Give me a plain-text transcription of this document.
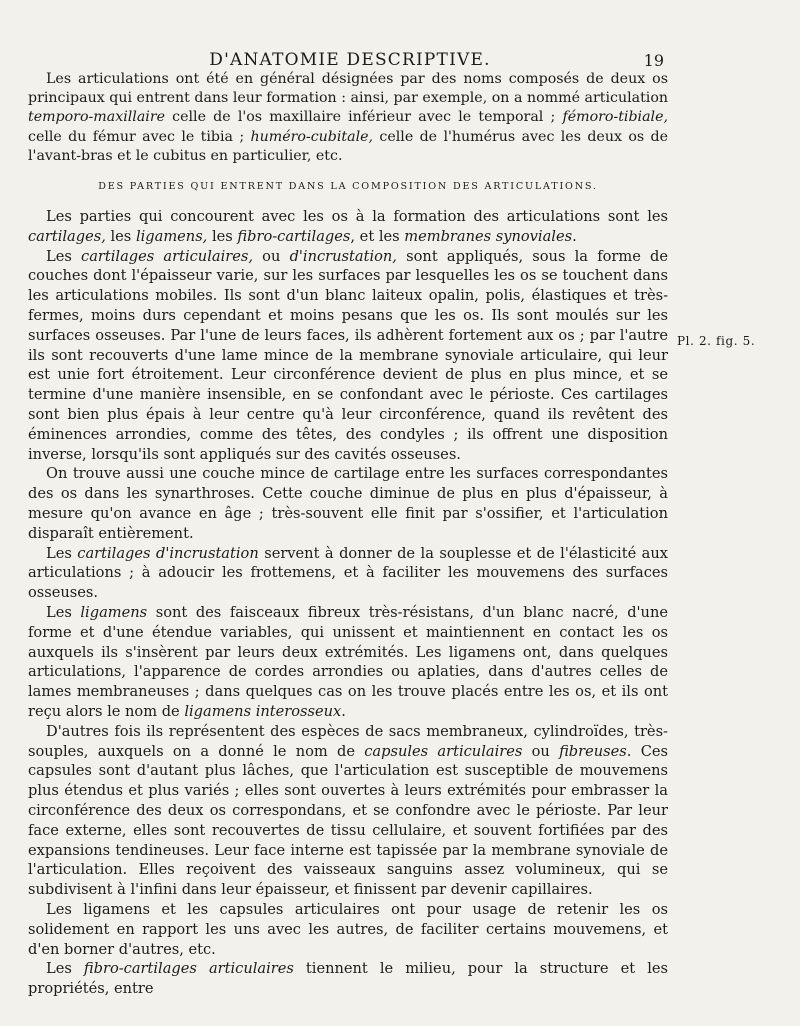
D'ANATOMIE DESCRIPTIVE.	19
Pl. 2. fig. 5.

Les articulations ont été en général désignées par des noms composés de deux os principaux qui entrent dans leur formation : ainsi, par exemple, on a nommé articulation temporo-maxillaire celle de l'os maxillaire inférieur avec le temporal ; fémoro-tibiale, celle du fémur avec le tibia ; huméro-cubitale, celle de l'humérus avec les deux os de l'avant-bras et le cubitus en particulier, etc.

DES PARTIES QUI ENTRENT DANS LA COMPOSITION DES ARTICULATIONS.

Les parties qui concourent avec les os à la formation des articulations sont les cartilages, les ligamens, les fibro-cartilages, et les membranes synoviales.

Les cartilages articulaires, ou d'incrustation, sont appliqués, sous la forme de couches dont l'épaisseur varie, sur les surfaces par lesquelles les os se touchent dans les articulations mobiles. Ils sont d'un blanc laiteux opalin, polis, élastiques et très-fermes, moins durs cependant et moins pesans que les os. Ils sont moulés sur les surfaces osseuses. Par l'une de leurs faces, ils adhèrent fortement aux os ; par l'autre ils sont recouverts d'une lame mince de la membrane synoviale articulaire, qui leur est unie fort étroitement. Leur circonférence devient de plus en plus mince, et se termine d'une manière insensible, en se confondant avec le périoste. Ces cartilages sont bien plus épais à leur centre qu'à leur circonférence, quand ils revêtent des éminences arrondies, comme des têtes, des condyles ; ils offrent une disposition inverse, lorsqu'ils sont appliqués sur des cavités osseuses.

On trouve aussi une couche mince de cartilage entre les surfaces correspondantes des os dans les synarthroses. Cette couche diminue de plus en plus d'épaisseur, à mesure qu'on avance en âge ; très-souvent elle finit par s'ossifier, et l'articulation disparaît entièrement.

Les cartilages d'incrustation servent à donner de la souplesse et de l'élasticité aux articulations ; à adoucir les frottemens, et à faciliter les mouvemens des surfaces osseuses.

Les ligamens sont des faisceaux fibreux très-résistans, d'un blanc nacré, d'une forme et d'une étendue variables, qui unissent et maintiennent en contact les os auxquels ils s'insèrent par leurs deux extrémités. Les ligamens ont, dans quelques articulations, l'apparence de cordes arrondies ou aplaties, dans d'autres celles de lames membraneuses ; dans quelques cas on les trouve placés entre les os, et ils ont reçu alors le nom de ligamens interosseux.

D'autres fois ils représentent des espèces de sacs membraneux, cylindroïdes, très-souples, auxquels on a donné le nom de capsules articulaires ou fibreuses. Ces capsules sont d'autant plus lâches, que l'articulation est susceptible de mouvemens plus étendus et plus variés ; elles sont ouvertes à leurs extrémités pour embrasser la circonférence des deux os correspondans, et se confondre avec le périoste. Par leur face externe, elles sont recouvertes de tissu cellulaire, et souvent fortifiées par des expansions tendineuses. Leur face interne est tapissée par la membrane synoviale de l'articulation. Elles reçoivent des vaisseaux sanguins assez volumineux, qui se subdivisent à l'infini dans leur épaisseur, et finissent par devenir capillaires.

Les ligamens et les capsules articulaires ont pour usage de retenir les os solidement en rapport les uns avec les autres, de faciliter certains mouvemens, et d'en borner d'autres, etc.

Les fibro-cartilages articulaires tiennent le milieu, pour la structure et les propriétés, entre
